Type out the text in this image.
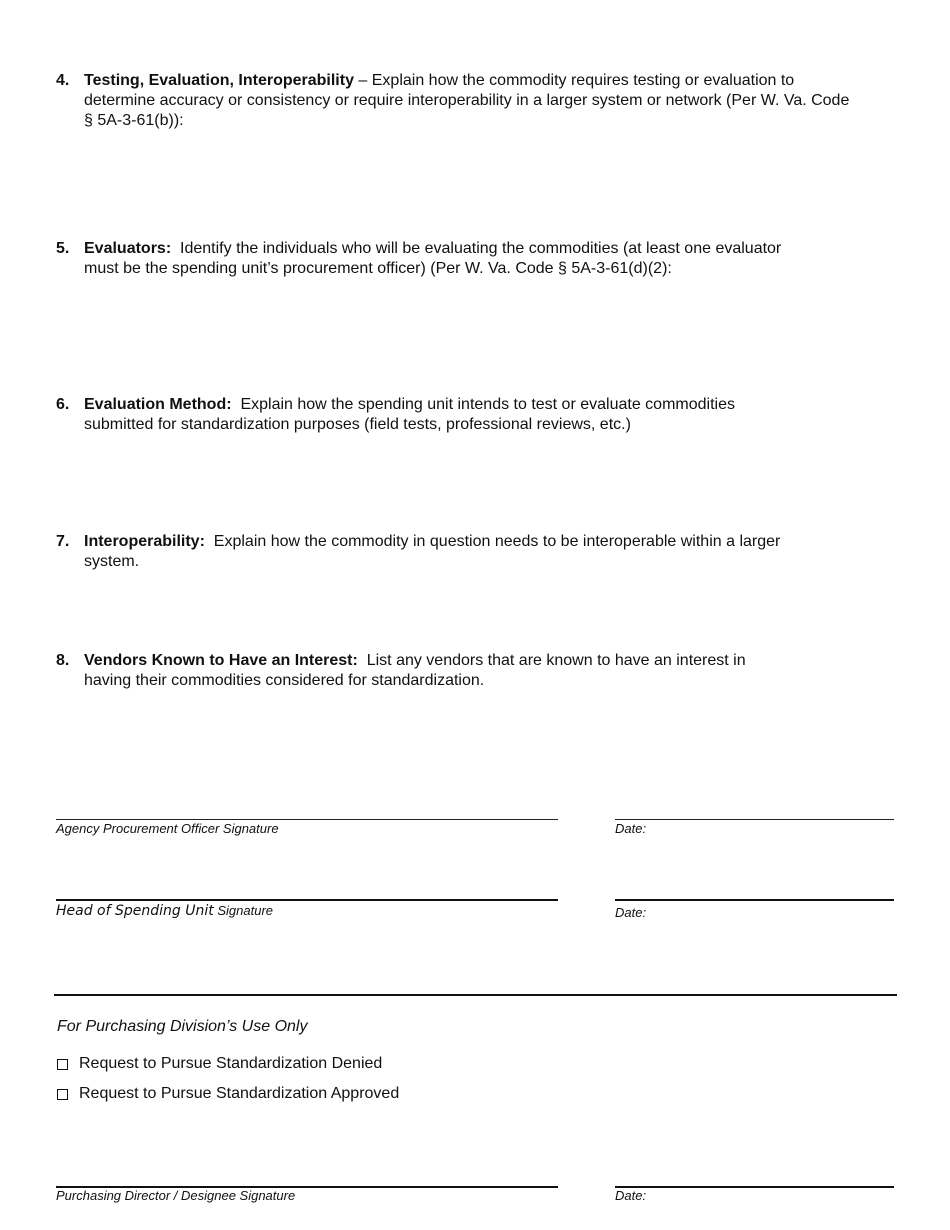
4. Testing, Evaluation, Interoperability – Explain how the commodity requires testing or evaluation to
determine accuracy or consistency or require interoperability in a larger system or network (Per W. Va. Code
§ 5A-3-61(b)):
5. Evaluators:  Identify the individuals who will be evaluating the commodities (at least one evaluator
must be the spending unit’s procurement officer) (Per W. Va. Code § 5A-3-61(d)(2):
6. Evaluation Method:  Explain how the spending unit intends to test or evaluate commodities
submitted for standardization purposes (field tests, professional reviews, etc.)
7. Interoperability:  Explain how the commodity in question needs to be interoperable within a larger
system.
8. Vendors Known to Have an Interest:  List any vendors that are known to have an interest in
having their commodities considered for standardization.
Agency Procurement Officer Signature	Date:
Head of Spending Unit Signature	Date:
For Purchasing Division’s Use Only
Request to Pursue Standardization Denied
Request to Pursue Standardization Approved
Purchasing Director / Designee Signature	Date:
